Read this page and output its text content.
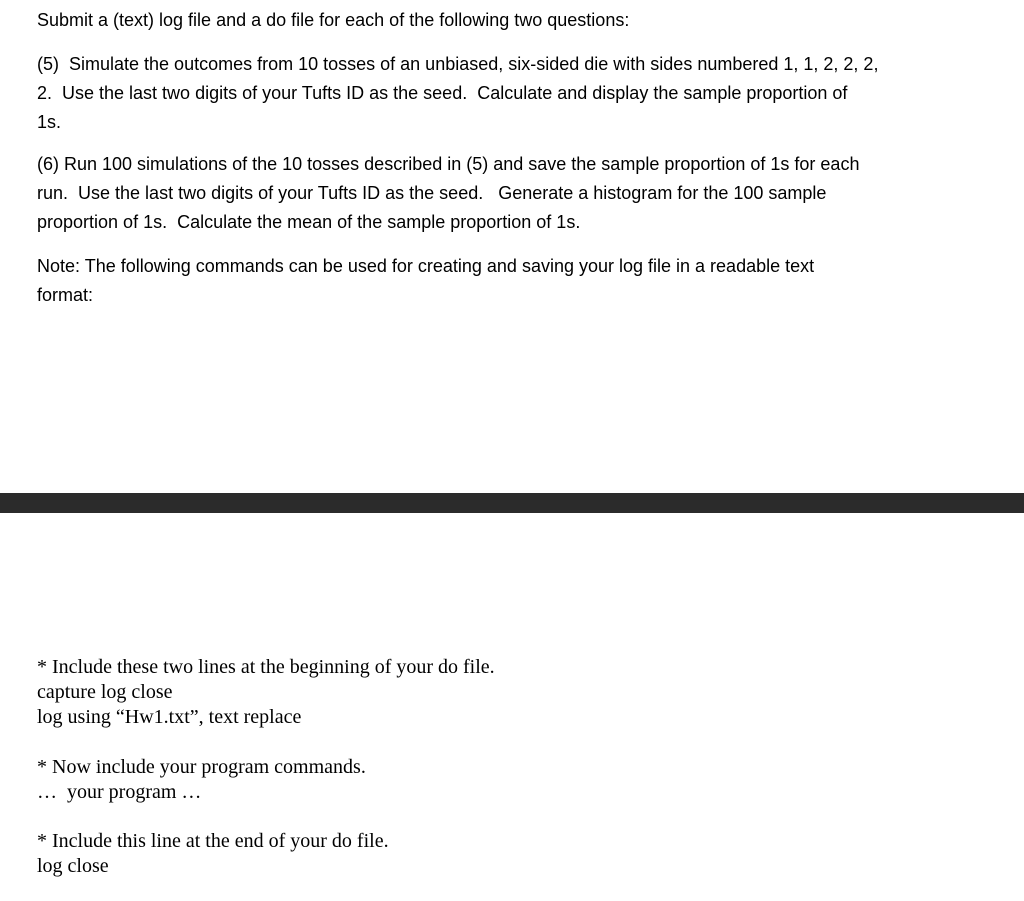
Submit a (text) log file and a do file for each of the following two questions:

(5)  Simulate the outcomes from 10 tosses of an unbiased, six-sided die with sides numbered 1, 1, 2, 2, 2,
2.  Use the last two digits of your Tufts ID as the seed.  Calculate and display the sample proportion of
1s.

(6) Run 100 simulations of the 10 tosses described in (5) and save the sample proportion of 1s for each
run.  Use the last two digits of your Tufts ID as the seed.   Generate a histogram for the 100 sample
proportion of 1s.  Calculate the mean of the sample proportion of 1s.

Note: The following commands can be used for creating and saving your log file in a readable text
format:

* Include these two lines at the beginning of your do file.
capture log close
log using “Hw1.txt”, text replace

* Now include your program commands.
…  your program …

* Include this line at the end of your do file.
log close
